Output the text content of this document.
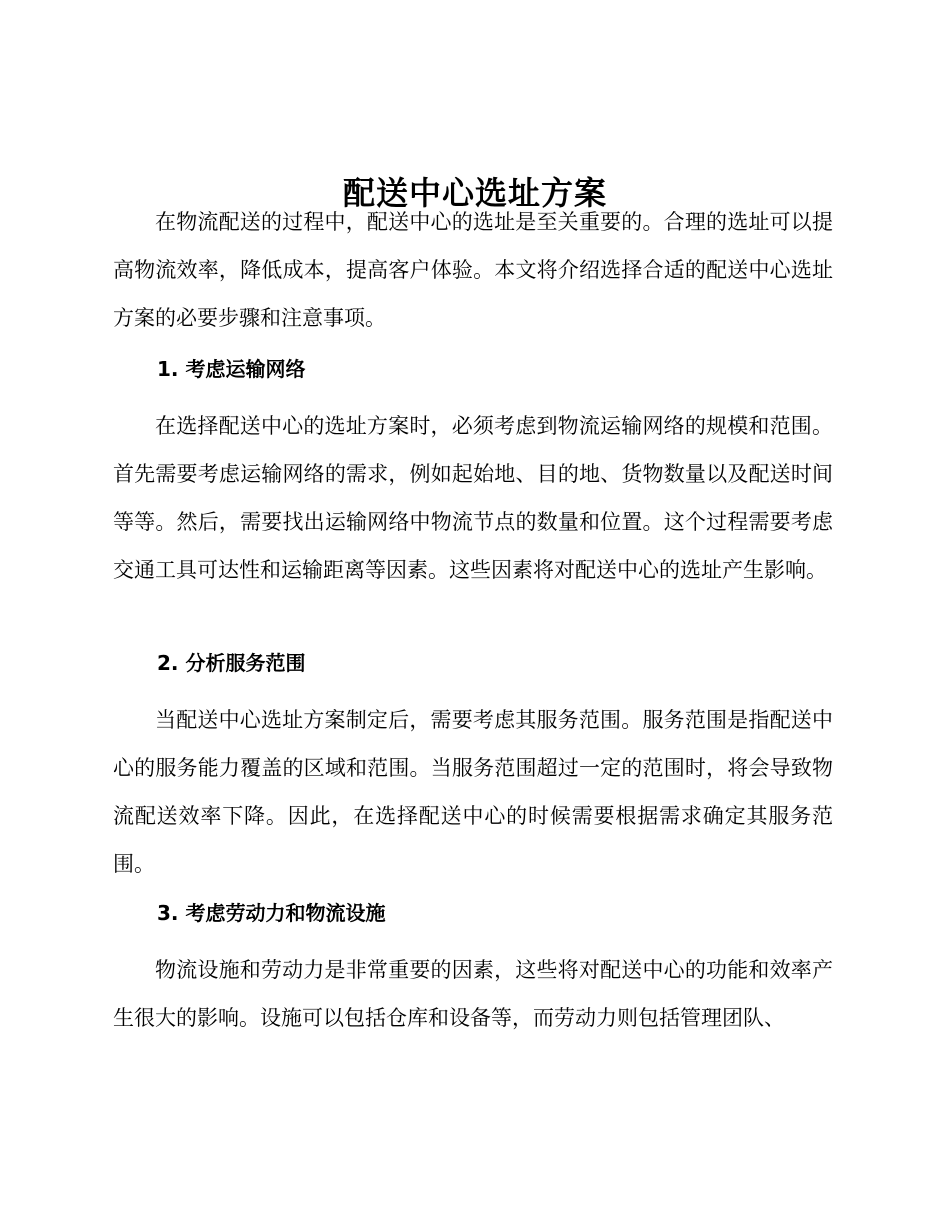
配送中心选址方案

在物流配送的过程中，配送中心的选址是至关重要的。合理的选址可以提高物流效率，降低成本，提高客户体验。本文将介绍选择合适的配送中心选址方案的必要步骤和注意事项。

1. 考虑运输网络

在选择配送中心的选址方案时，必须考虑到物流运输网络的规模和范围。首先需要考虑运输网络的需求，例如起始地、目的地、货物数量以及配送时间等等。然后，需要找出运输网络中物流节点的数量和位置。这个过程需要考虑交通工具可达性和运输距离等因素。这些因素将对配送中心的选址产生影响。

2. 分析服务范围

当配送中心选址方案制定后，需要考虑其服务范围。服务范围是指配送中心的服务能力覆盖的区域和范围。当服务范围超过一定的范围时，将会导致物流配送效率下降。因此，在选择配送中心的时候需要根据需求确定其服务范围。

3. 考虑劳动力和物流设施

物流设施和劳动力是非常重要的因素，这些将对配送中心的功能和效率产生很大的影响。设施可以包括仓库和设备等，而劳动力则包括管理团队、
